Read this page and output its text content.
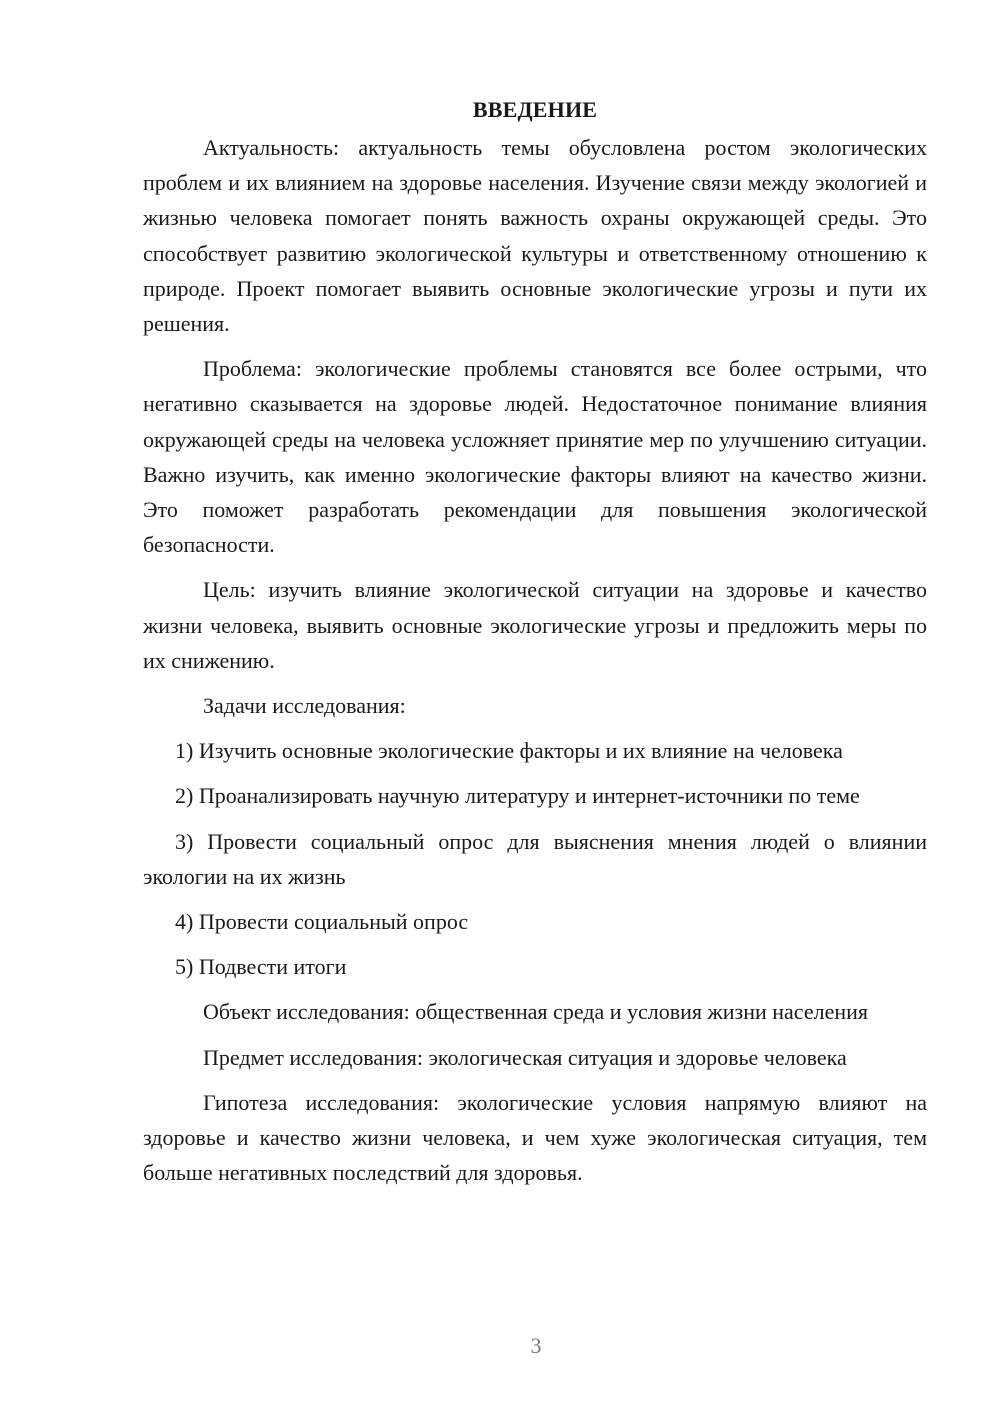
ВВЕДЕНИЕ

Актуальность: актуальность темы обусловлена ростом экологических проблем и их влиянием на здоровье населения. Изучение связи между экологией и жизнью человека помогает понять важность охраны окружающей среды. Это способствует развитию экологической культуры и ответственному отношению к природе. Проект помогает выявить основные экологические угрозы и пути их решения.

Проблема: экологические проблемы становятся все более острыми, что негативно сказывается на здоровье людей. Недостаточное понимание влияния окружающей среды на человека усложняет принятие мер по улучшению ситуации. Важно изучить, как именно экологические факторы влияют на качество жизни. Это поможет разработать рекомендации для повышения экологической безопасности.

Цель: изучить влияние экологической ситуации на здоровье и качество жизни человека, выявить основные экологические угрозы и предложить меры по их снижению.

Задачи исследования:

1) Изучить основные экологические факторы и их влияние на человека

2) Проанализировать научную литературу и интернет-источники по теме

3) Провести социальный опрос для выяснения мнения людей о влиянии экологии на их жизнь

4) Провести социальный опрос

5) Подвести итоги

Объект исследования: общественная среда и условия жизни населения

Предмет исследования: экологическая ситуация и здоровье человека

Гипотеза исследования: экологические условия напрямую влияют на здоровье и качество жизни человека, и чем хуже экологическая ситуация, тем больше негативных последствий для здоровья.

3
